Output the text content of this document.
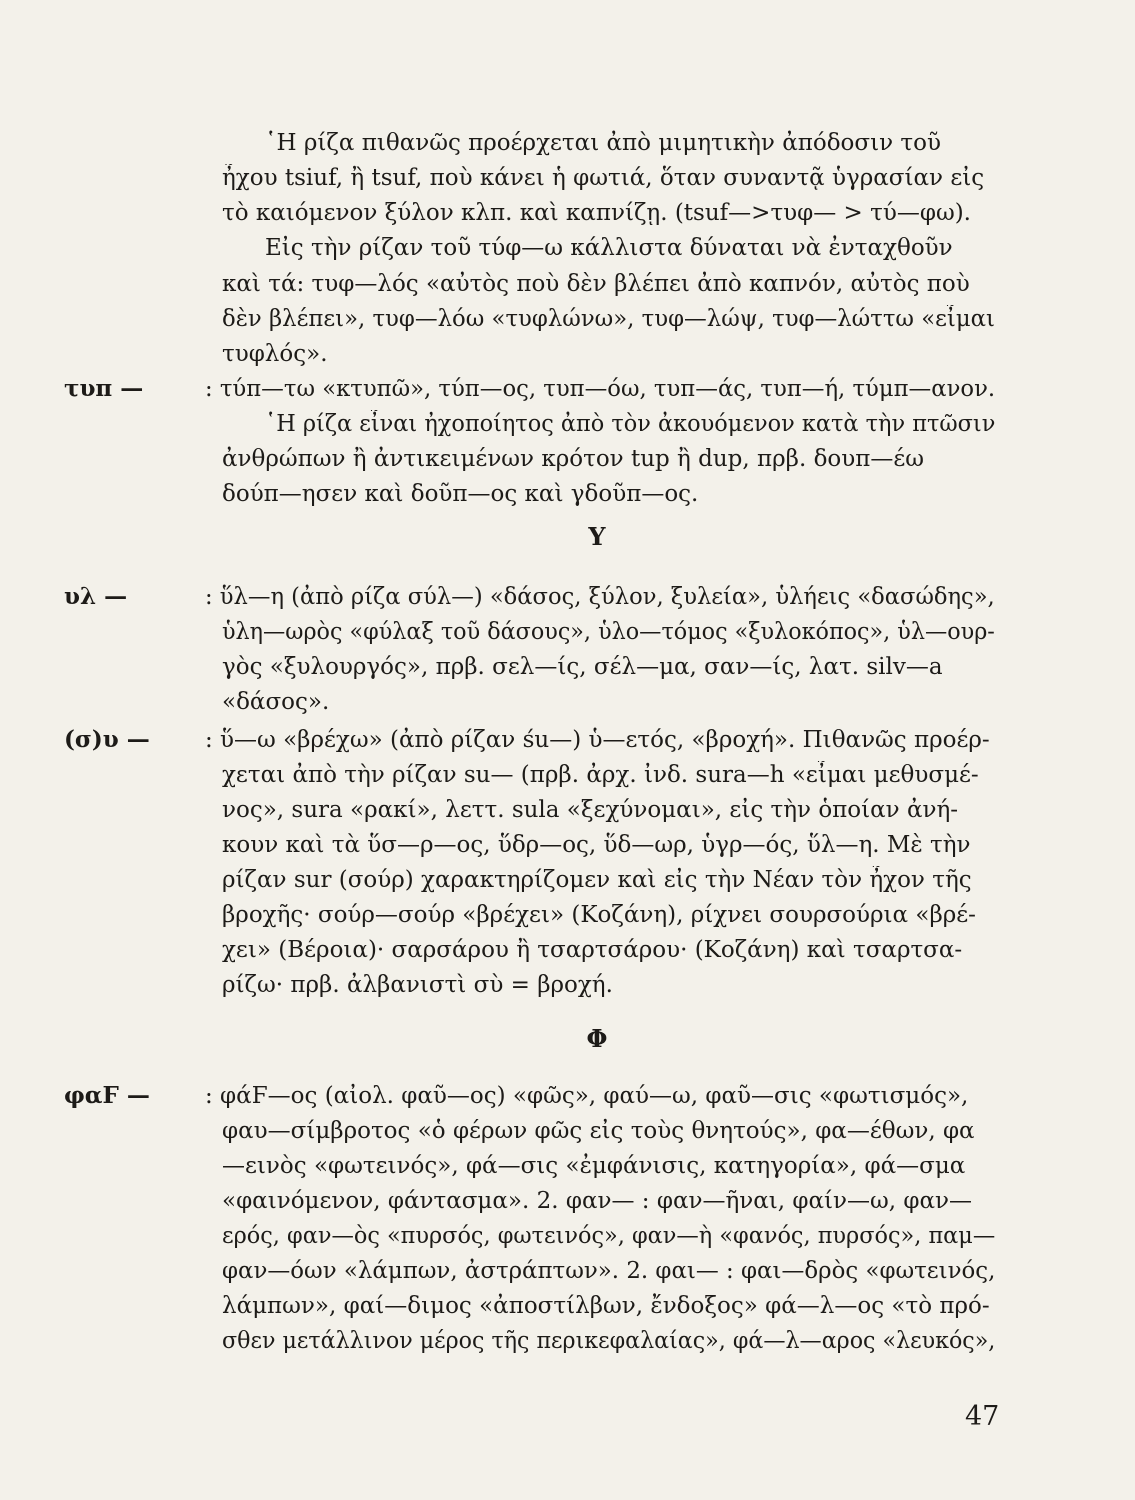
῾Η ρίζα πιθανῶς προέρχεται ἀπὸ μιμητικὴν ἀπόδοσιν τοῦ
ἦχου tsiuf, ἢ tsuf, ποὺ κάνει ἡ φωτιά, ὅταν συναντᾷ ὑγρασίαν εἰς
τὸ καιόμενον ξύλον κλπ. καὶ καπνίζῃ. (tsuf—>τυφ— > τύ—φω).
Εἰς τὴν ρίζαν τοῦ τύφ—ω κάλλιστα δύναται νὰ ἐνταχθοῦν
καὶ τά: τυφ—λός «αὐτὸς ποὺ δὲν βλέπει ἀπὸ καπνόν, αὐτὸς ποὺ
δὲν βλέπει», τυφ—λόω «τυφλώνω», τυφ—λώψ, τυφ—λώττω «εἶμαι
τυφλός».
τυπ —	: τύπ—τω «κτυπῶ», τύπ—ος, τυπ—όω, τυπ—άς, τυπ—ή, τύμπ—ανον.
῾Η ρίζα εἶναι ἠχοποίητος ἀπὸ τὸν ἀκουόμενον κατὰ τὴν πτῶσιν
ἀνθρώπων ἢ ἀντικειμένων κρότον tup ἢ dup, πρβ. δουπ—έω
δούπ—ησεν καὶ δοῦπ—ος καὶ γδοῦπ—ος.
Υ
υλ —	: ὕλ—η (ἀπὸ ρίζα σύλ—) «δάσος, ξύλον, ξυλεία», ὑλήεις «δασώδης»,
ὑλη—ωρὸς «φύλαξ τοῦ δάσους», ὑλο—τόμος «ξυλοκόπος», ὑλ—ουρ-
γὸς «ξυλουργός», πρβ. σελ—ίς, σέλ—μα, σαν—ίς, λατ. silv—a
«δάσος».
(σ)υ — : ὕ—ω «βρέχω» (ἀπὸ ρίζαν śu—) ὑ—ετός, «βροχή». Πιθανῶς προέρ-
χεται ἀπὸ τὴν ρίζαν su— (πρβ. ἀρχ. ἰνδ. sura—h «εἶμαι μεθυσμέ-
νος», sura «ρακί», λεττ. sula «ξεχύνομαι», εἰς τὴν ὁποίαν ἀνή-
κουν καὶ τὰ ὕσ—ρ—ος, ὕδρ—ος, ὕδ—ωρ, ὑγρ—ός, ὕλ—η. Μὲ τὴν
ρίζαν sur (σούρ) χαρακτηρίζομεν καὶ εἰς τὴν Νέαν τὸν ἦχον τῆς
βροχῆς· σούρ—σούρ «βρέχει» (Κοζάνη), ρίχνει σουρσούρια «βρέ-
χει» (Βέροια)· σαρσάρου ἢ τσαρτσάρου· (Κοζάνη) καὶ τσαρτσα-
ρίζω· πρβ. ἀλβανιστὶ σὺ = βροχή.
Φ
φαϜ — : φάϜ—ος (αἰολ. φαῦ—ος) «φῶς», φαύ—ω, φαῦ—σις «φωτισμός»,
φαυ—σίμβροτος «ὁ φέρων φῶς εἰς τοὺς θνητούς», φα—έθων, φα
—εινὸς «φωτεινός», φά—σις «ἐμφάνισις, κατηγορία», φά—σμα
«φαινόμενον, φάντασμα». 2. φαν— : φαν—ῆναι, φαίν—ω, φαν—
ερός, φαν—ὸς «πυρσός, φωτεινός», φαν—ὴ «φανός, πυρσός», παμ—
φαν—όων «λάμπων, ἀστράπτων». 2. φαι— : φαι—δρὸς «φωτεινός,
λάμπων», φαί—διμος «ἀποστίλβων, ἔνδοξος» φά—λ—ος «τὸ πρό-
σθεν μετάλλινον μέρος τῆς περικεφαλαίας», φά—λ—αρος «λευκός»,
47
